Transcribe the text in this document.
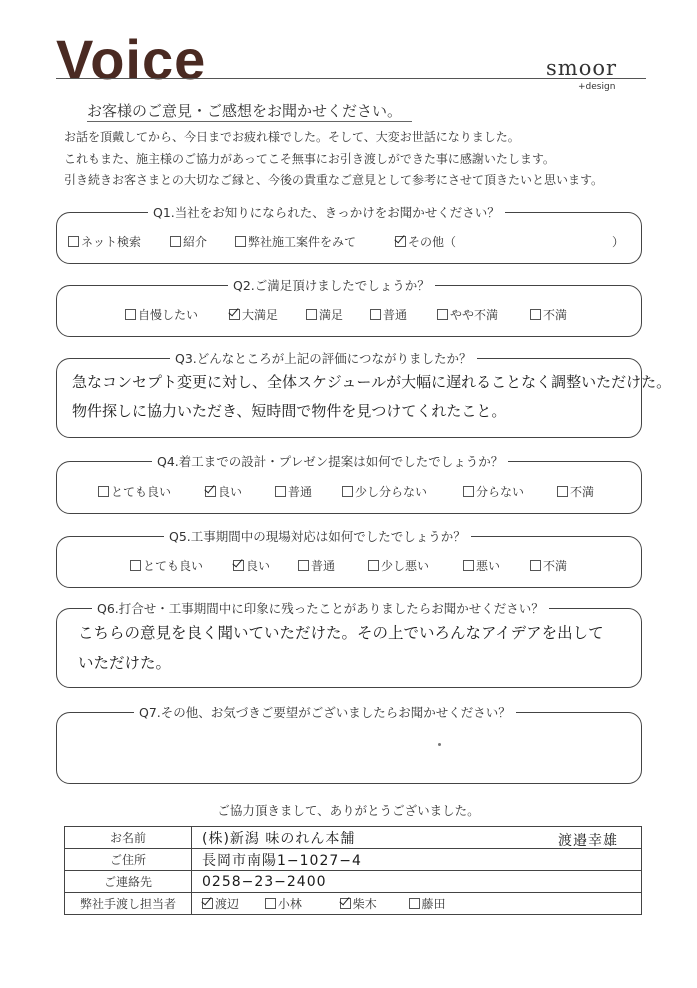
Voice	smoor
+design
お客様のご意見・ご感想をお聞かせください。
お話を頂戴してから、今日までお疲れ様でした。そして、大変お世話になりました。
これもまた、施主様のご協力があってこそ無事にお引き渡しができた事に感謝いたします。
引き続きお客さまとの大切なご縁と、今後の貴重なご意見として参考にさせて頂きたいと思います。
Q1.当社をお知りになられた、きっかけをお聞かせください？
ネット検索	紹介	弊社施工案件をみて	その他（	）
Q2.ご満足頂けましたでしょうか？
自慢したい	大満足	満足	普通	やや不満	不満
Q3.どんなところが上記の評価につながりましたか？
急なコンセプト変更に対し、全体スケジュールが大幅に遅れることなく調整いただけた。
物件探しに協力いただき、短時間で物件を見つけてくれたこと。
Q4.着工までの設計・プレゼン提案は如何でしたでしょうか？
とても良い	良い	普通	少し分らない	分らない	不満
Q5.工事期間中の現場対応は如何でしたでしょうか？
とても良い	良い	普通	少し悪い	悪い	不満
Q6.打合せ・工事期間中に印象に残ったことがありましたらお聞かせください？
こちらの意見を良く聞いていただけた。その上でいろんなアイデアを出して
いただけた。
Q7.その他、お気づきご要望がございましたらお聞かせください？
ご協力頂きまして、ありがとうございました。
お名前	(株)新潟 味のれん本舗 渡邉幸雄

ご住所	長岡市南陽1−1027−4
ご連絡先	0258−23−2400
弊社手渡し担当者	渡辺 小林 柴木 藤田
